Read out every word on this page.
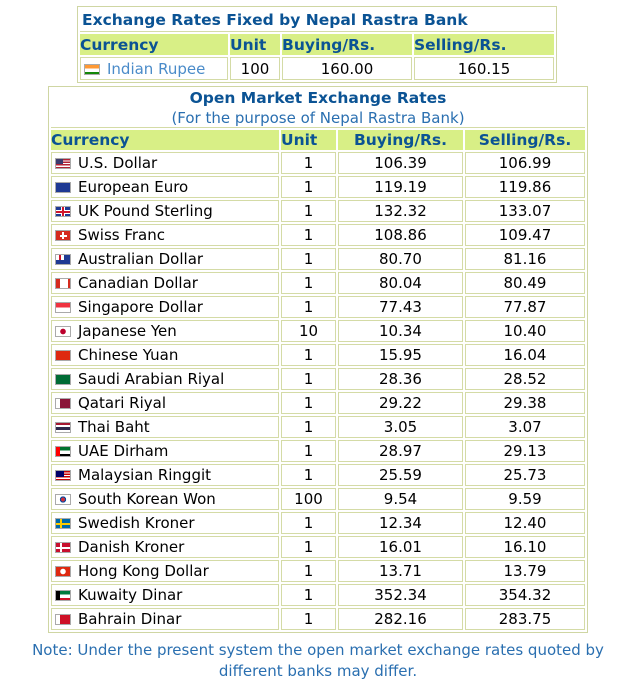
Exchange Rates Fixed by Nepal Rastra Bank			
Currency	Unit	Buying/Rs.	Selling/Rs.
Indian Rupee	100	160.00	160.15
Open Market Exchange Rates			
(For the purpose of Nepal Rastra Bank)			
Currency	Unit	Buying/Rs.	Selling/Rs.
U.S. Dollar	1	106.39	106.99
European Euro	1	119.19	119.86
UK Pound Sterling	1	132.32	133.07
Swiss Franc	1	108.86	109.47
Australian Dollar	1	80.70	81.16
Canadian Dollar	1	80.04	80.49
Singapore Dollar	1	77.43	77.87
Japanese Yen	10	10.34	10.40
Chinese Yuan	1	15.95	16.04
Saudi Arabian Riyal	1	28.36	28.52
Qatari Riyal	1	29.22	29.38
Thai Baht	1	3.05	3.07
UAE Dirham	1	28.97	29.13
Malaysian Ringgit	1	25.59	25.73
South Korean Won	100	9.54	9.59
Swedish Kroner	1	12.34	12.40
Danish Kroner	1	16.01	16.10
Hong Kong Dollar	1	13.71	13.79
Kuwaity Dinar	1	352.34	354.32
Bahrain Dinar	1	282.16	283.75
Note: Under the present system the open market exchange rates quoted by different banks may differ.
